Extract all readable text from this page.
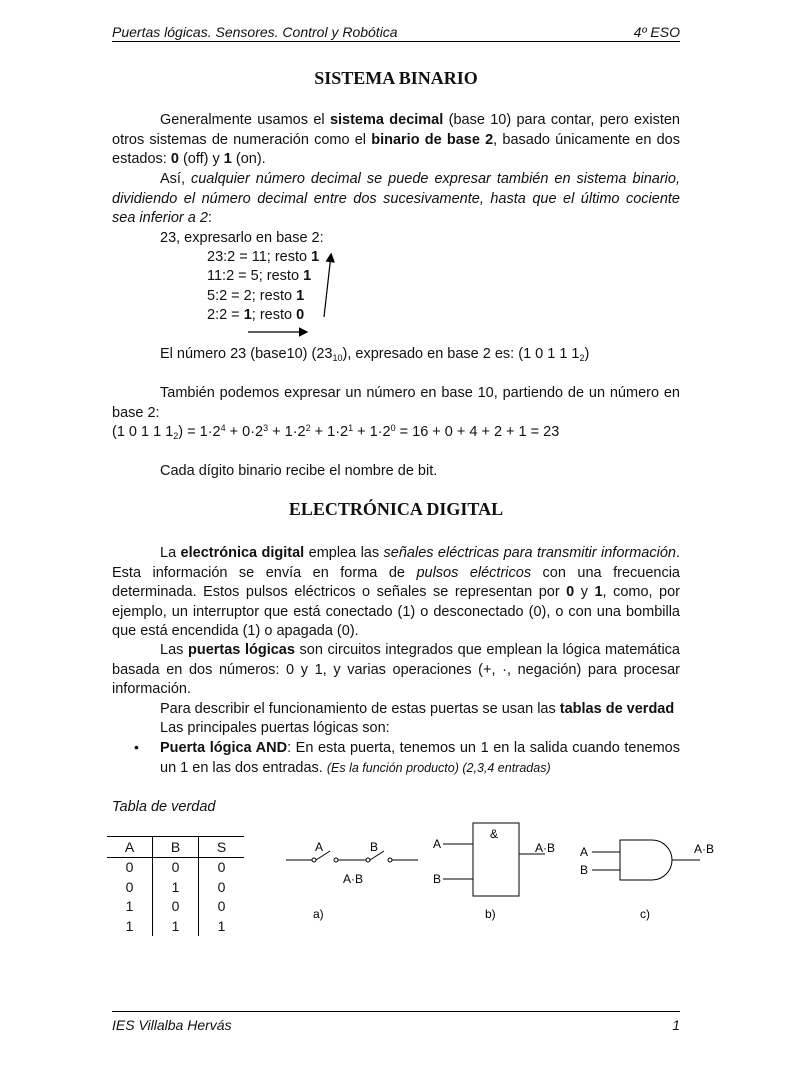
Puertas lógicas. Sensores. Control y Robótica	4º ESO
SISTEMA BINARIO

Generalmente usamos el sistema decimal (base 10) para contar, pero existen otros sistemas de numeración como el binario de base 2, basado únicamente en dos estados: 0 (off) y 1 (on).

Así, cualquier número decimal se puede expresar también en sistema binario, dividiendo el número decimal entre dos sucesivamente, hasta que el último cociente sea inferior a 2:

23, expresarlo en base 2:
23:2 = 11; resto 1
11:2 = 5; resto 1
5:2 = 2; resto 1
2:2 = 1; resto 0
El número 23 (base10) $(23_{10})$, expresado en base 2 es: (1 0 1 1 $1_2$)

También podemos expresar un número en base 10, partiendo de un número en base 2:

(1 0 1 1 $1_2) = 1\cdot 2^4 + 0\cdot 2^3 + 1\cdot 2^2 + 1\cdot 2^1 + 1\cdot 2^0 = 16 + 0 + 4 + 2 + 1 = 23$
Cada dígito binario recibe el nombre de bit.
ELECTRÓNICA DIGITAL

La electrónica digital emplea las señales eléctricas para transmitir información. Esta información se envía en forma de pulsos eléctricos con una frecuencia determinada. Estos pulsos eléctricos o señales se representan por 0 y 1, como, por ejemplo, un interruptor que está conectado (1) o desconectado (0), o con una bombilla que está encendida (1) o apagada (0).

Las puertas lógicas son circuitos integrados que emplean la lógica matemática basada en dos números: 0 y 1, y varias operaciones (+, ·, negación) para procesar información.

Para describir el funcionamiento de estas puertas se usan las tablas de verdad
Las principales puertas lógicas son:
• Puerta lógica AND: En esta puerta, tenemos un 1 en la salida cuando tenemos un 1 en las dos entradas. (Es la función producto) (2,3,4 entradas)

Tabla de verdad
A	B	S
0	0	0
0	1	0
1	0	0
1	1	1
A	B
A·B
a)
&
A
B
A·B
b)
A
B
A·B
c)
IES Villalba Hervás	1
